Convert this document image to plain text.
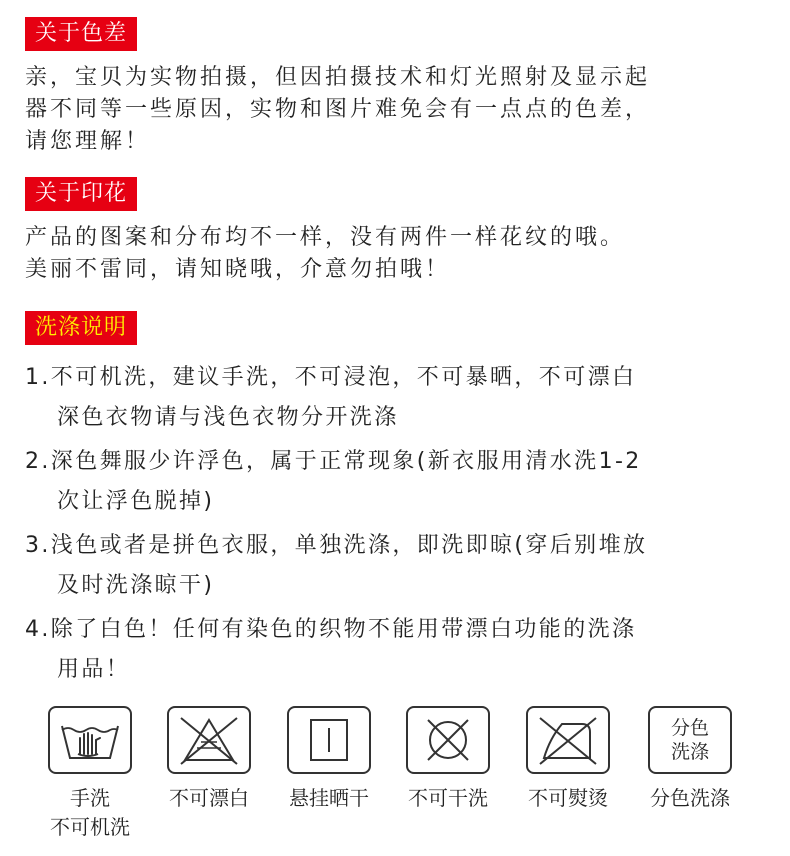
关于色差
亲，宝贝为实物拍摄，但因拍摄技术和灯光照射及显示起
器不同等一些原因，实物和图片难免会有一点点的色差，
请您理解！
关于印花
产品的图案和分布均不一样，没有两件一样花纹的哦。
美丽不雷同，请知晓哦，介意勿拍哦！
洗涤说明
1.不可机洗，建议手洗，不可浸泡，不可暴晒，不可漂白
深色衣物请与浅色衣物分开洗涤
2.深色舞服少许浮色，属于正常现象(新衣服用清水洗1-2
次让浮色脱掉)
3.浅色或者是拼色衣服，单独洗涤，即洗即晾(穿后别堆放
及时洗涤晾干)
4.除了白色！任何有染色的织物不能用带漂白功能的洗涤
用品！
分色
洗涤
手洗
不可机洗
不可漂白	悬挂晒干	不可干洗	不可熨烫	分色洗涤
